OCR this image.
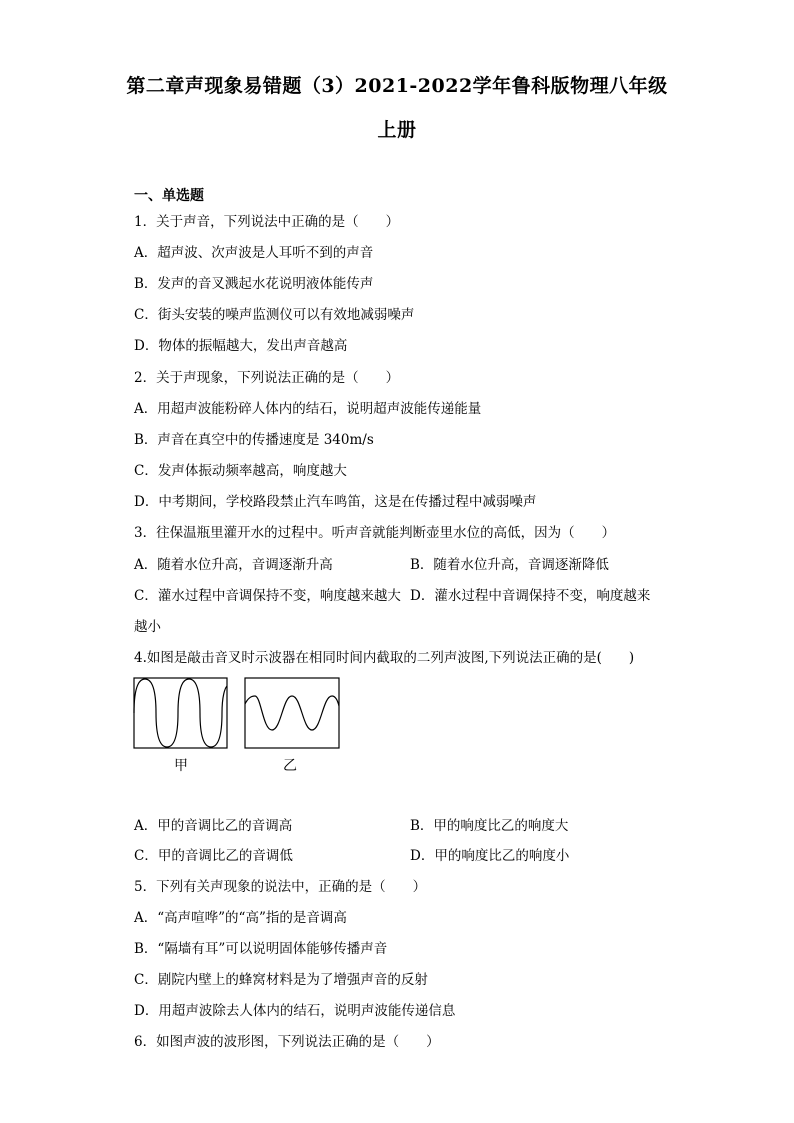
第二章声现象易错题（3）2021-2022学年鲁科版物理八年级
上册
一、单选题
1．关于声音，下列说法中正确的是（　　）
A．超声波、次声波是人耳听不到的声音
B．发声的音叉溅起水花说明液体能传声
C．街头安装的噪声监测仪可以有效地减弱噪声
D．物体的振幅越大，发出声音越高
2．关于声现象，下列说法正确的是（　　）
A．用超声波能粉碎人体内的结石，说明超声波能传递能量
B．声音在真空中的传播速度是 340m/s
C．发声体振动频率越高，响度越大
D．中考期间，学校路段禁止汽车鸣笛，这是在传播过程中减弱噪声
3．往保温瓶里灌开水的过程中。听声音就能判断壶里水位的高低，因为（　　）
A．随着水位升高，音调逐渐升高	B．随着水位升高，音调逐渐降低
C．灌水过程中音调保持不变，响度越来越大 D．灌水过程中音调保持不变，响度越来
越小
4.如图是敲击音叉时示波器在相同时间内截取的二列声波图,下列说法正确的是(　　)
甲	乙
A．甲的音调比乙的音调高	B．甲的响度比乙的响度大
C．甲的音调比乙的音调低	D．甲的响度比乙的响度小
5．下列有关声现象的说法中，正确的是（　　）
A．“高声喧哗”的“高”指的是音调高
B．“隔墙有耳”可以说明固体能够传播声音
C．剧院内壁上的蜂窝材料是为了增强声音的反射
D．用超声波除去人体内的结石，说明声波能传递信息
6．如图声波的波形图，下列说法正确的是（　　）
